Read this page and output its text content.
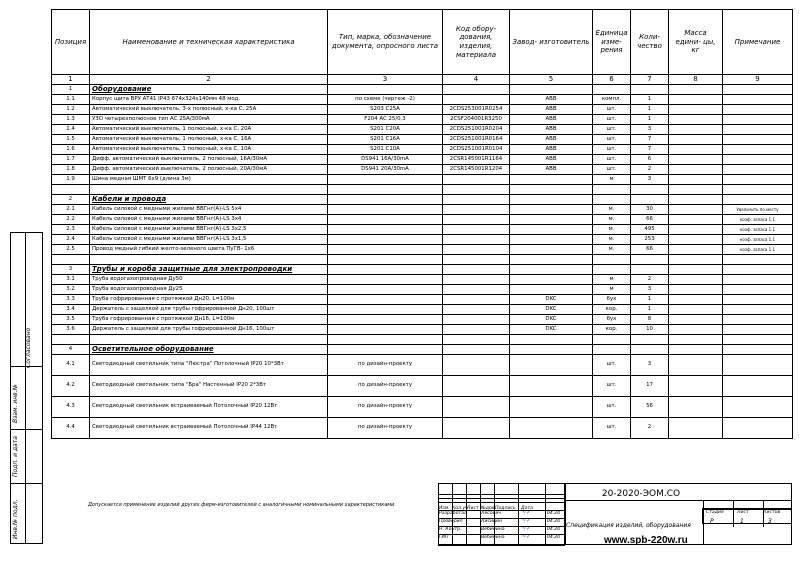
Согласовано
Взам. инв.№
Подп. и дата
Инв.№ подл.
Позиция	Наименование и техническая характеристика	Тип, марка, обозначение документа, опросного листа	Код обору- дования, изделия, материала	Завод- изготовитель	Единица изме- рения	Коли- чество	Масса едини- цы, кг	Примечание
1	2	3	4	5	6	7	8	9
1	Оборудование							
1.1	Корпус щита ВРУ АТ41 IP43 674х324х140мм 48 мод.	по схеме (чертеж -2)		ABB	компл.	1		
1.2	Автоматический выключатель, 3-х полюсный, х-ка С, 25А	S203 C25A	2CDS253001R0254	ABB	шт.	1		
1.3	УЗО четырехполюсное тип АС 25А/300мА	F204 AC 25/0,3	2CSF204001R3250	ABB	шт.	1		
1.4	Автоматический выключатель, 1 полюсный, х-ка С, 20А	S201 C20A	2CDS251001R0204	ABB	шт.	3		
1.5	Автоматический выключатель, 1 полюсный, х-ка С, 16А	S201 C16A	2CDS251001R0164	ABB	шт.	7		
1.6	Автоматический выключатель, 1 полюсный, х-ка С, 10А	S201 C10A	2CDS251001R0104	ABB	шт.	7		
1.7	Дифф. автоматический выключатель, 2 полюсный, 16А/30мА	DS941 16A/30mA	2CSR145001R1164	ABB	шт.	6		
1.8	Дифф. автоматический выключатель, 2 полюсный, 20А/30мА	DS941 20A/30mA	2CSR145001R1204	ABB	шт.	2		
1.9	Шина медная ШМТ 6х9 (длина 3м)				м	3		

2	Кабели и провода							
2.1	Кабель силовой с медными жилами ВВГнг(А)-LS 5х4				м.	30		Увеличить по месту
2.2	Кабель силовой с медными жилами ВВГнг(А)-LS 3х4				м.	66		коэф. запаса 1.1
2.3	Кабель силовой с медными жилами ВВГнг(А)-LS 3х2,5				м.	495		коэф. запаса 1.1
2.4	Кабель силовой с медными жилами ВВГнг(А)-LS 3х1,5				м.	253		коэф. запаса 1.1
2.5	Провод медный гибкий желто-зеленого цвета ПуГВ- 1х6				м.	66		коэф. запаса 1.1

3	Трубы и короба защитные для электропроводки							
3.1	Труба водогазопроводная Ду50				м	2		
3.2	Труба водогазопроводная Ду25				м	3		
3.3	Труба гофрированная с протяжкой Дн20, L=100м			DKC	бух	1		
3.4	Держатель с защелкой для трубы гофрированной Дн20, 100шт			DKC	кор.	1		
3.5	Труба гофрированная с протяжкой Дн16, L=100м			DKC	бух	8		
3.6	Держатель с защелкой для трубы гофрированной Дн16, 100шт			DKC	кор.	10		

4	Осветительное оборудование							
4.1	Светодиодный светильник типа "Люстра" Потолочный IP20 10*3Вт	по дизайн-проекту			шт.	3		
4.2	Светодиодный светильник типа "Бра" Настенный IP20 2*3Вт	по дизайн-проекту			шт.	17		
4.3	Светодиодный светильник встраиваемый Потолочный IP20 12Вт	по дизайн-проекту			шт.	56		
4.4	Светодиодный светильник встраиваемый Потолочный IP44 12Вт	по дизайн-проекту			шт.	2		
Допускается применение изделий других фирм-изготовителей с аналогичными номинальными характеристиками.
Изм. Кол.уч Лист №док. Подпись Дата
Разработал	Лесович	04.20
~✓
Проверил	Лисицин	04.20
~✓
Н. Контр.	Вебинина	04.20
~✓
ГИП	Вебинина	04.20
~✓
20-2020-ЭОМ.СО
Спецификация изделий, оборудования
Стадия	Лист	Листов
Р	1	3
www.spb-220w.ru
